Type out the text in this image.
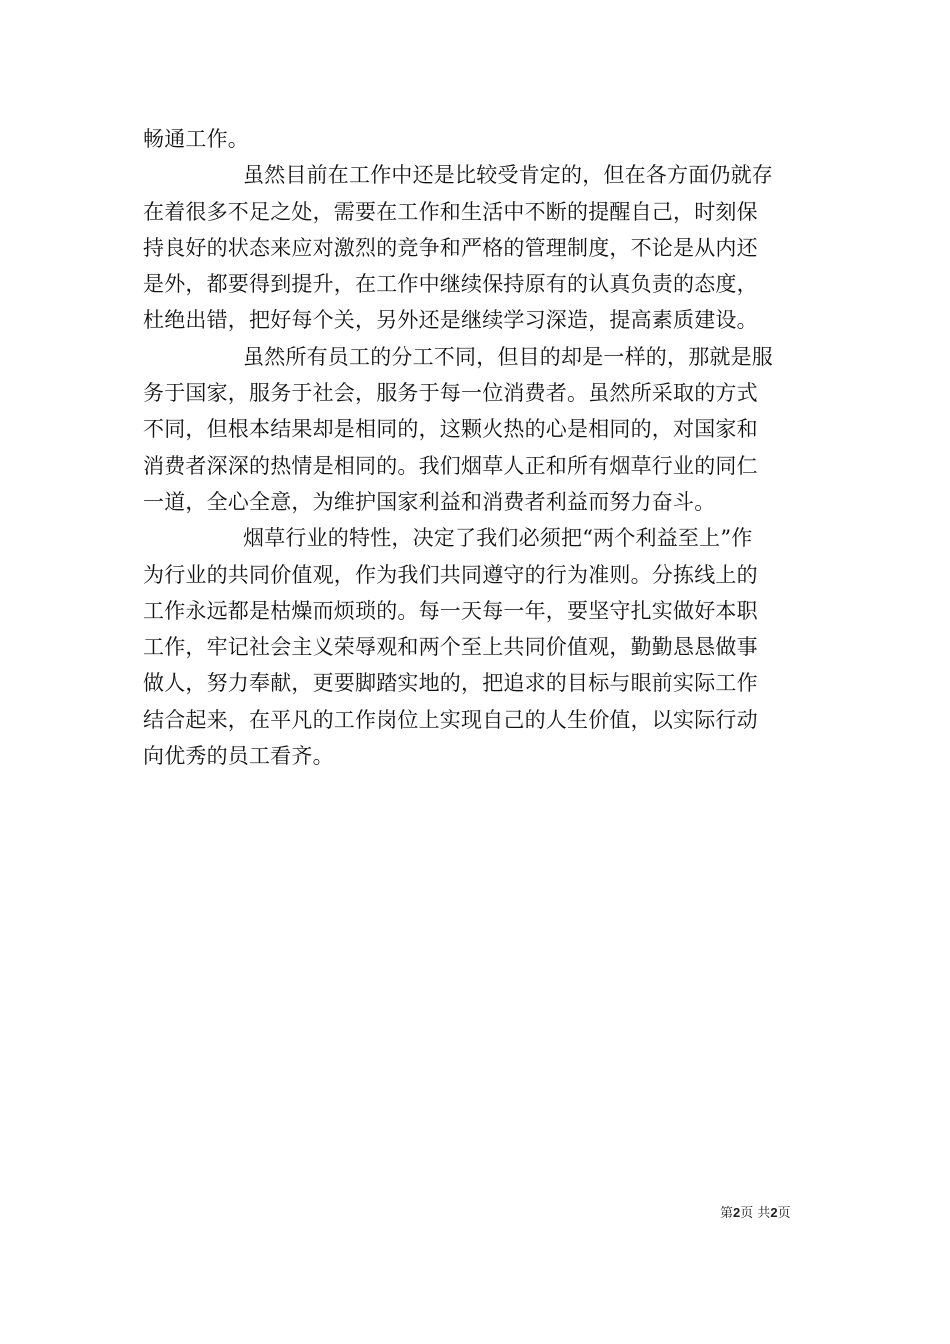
畅通工作。
虽然目前在工作中还是比较受肯定的，但在各方面仍就存
在着很多不足之处，需要在工作和生活中不断的提醒自己，时刻保
持良好的状态来应对激烈的竞争和严格的管理制度，不论是从内还
是外，都要得到提升，在工作中继续保持原有的认真负责的态度，
杜绝出错，把好每个关，另外还是继续学习深造，提高素质建设。
虽然所有员工的分工不同，但目的却是一样的，那就是服
务于国家，服务于社会，服务于每一位消费者。虽然所采取的方式
不同，但根本结果却是相同的，这颗火热的心是相同的，对国家和
消费者深深的热情是相同的。我们烟草人正和所有烟草行业的同仁
一道，全心全意，为维护国家利益和消费者利益而努力奋斗。
烟草行业的特性，决定了我们必须把“两个利益至上”作
为行业的共同价值观，作为我们共同遵守的行为准则。分拣线上的
工作永远都是枯燥而烦琐的。每一天每一年，要坚守扎实做好本职
工作，牢记社会主义荣辱观和两个至上共同价值观，勤勤恳恳做事
做人，努力奉献，更要脚踏实地的，把追求的目标与眼前实际工作
结合起来，在平凡的工作岗位上实现自己的人生价值，以实际行动
向优秀的员工看齐。
第2页 共2页
